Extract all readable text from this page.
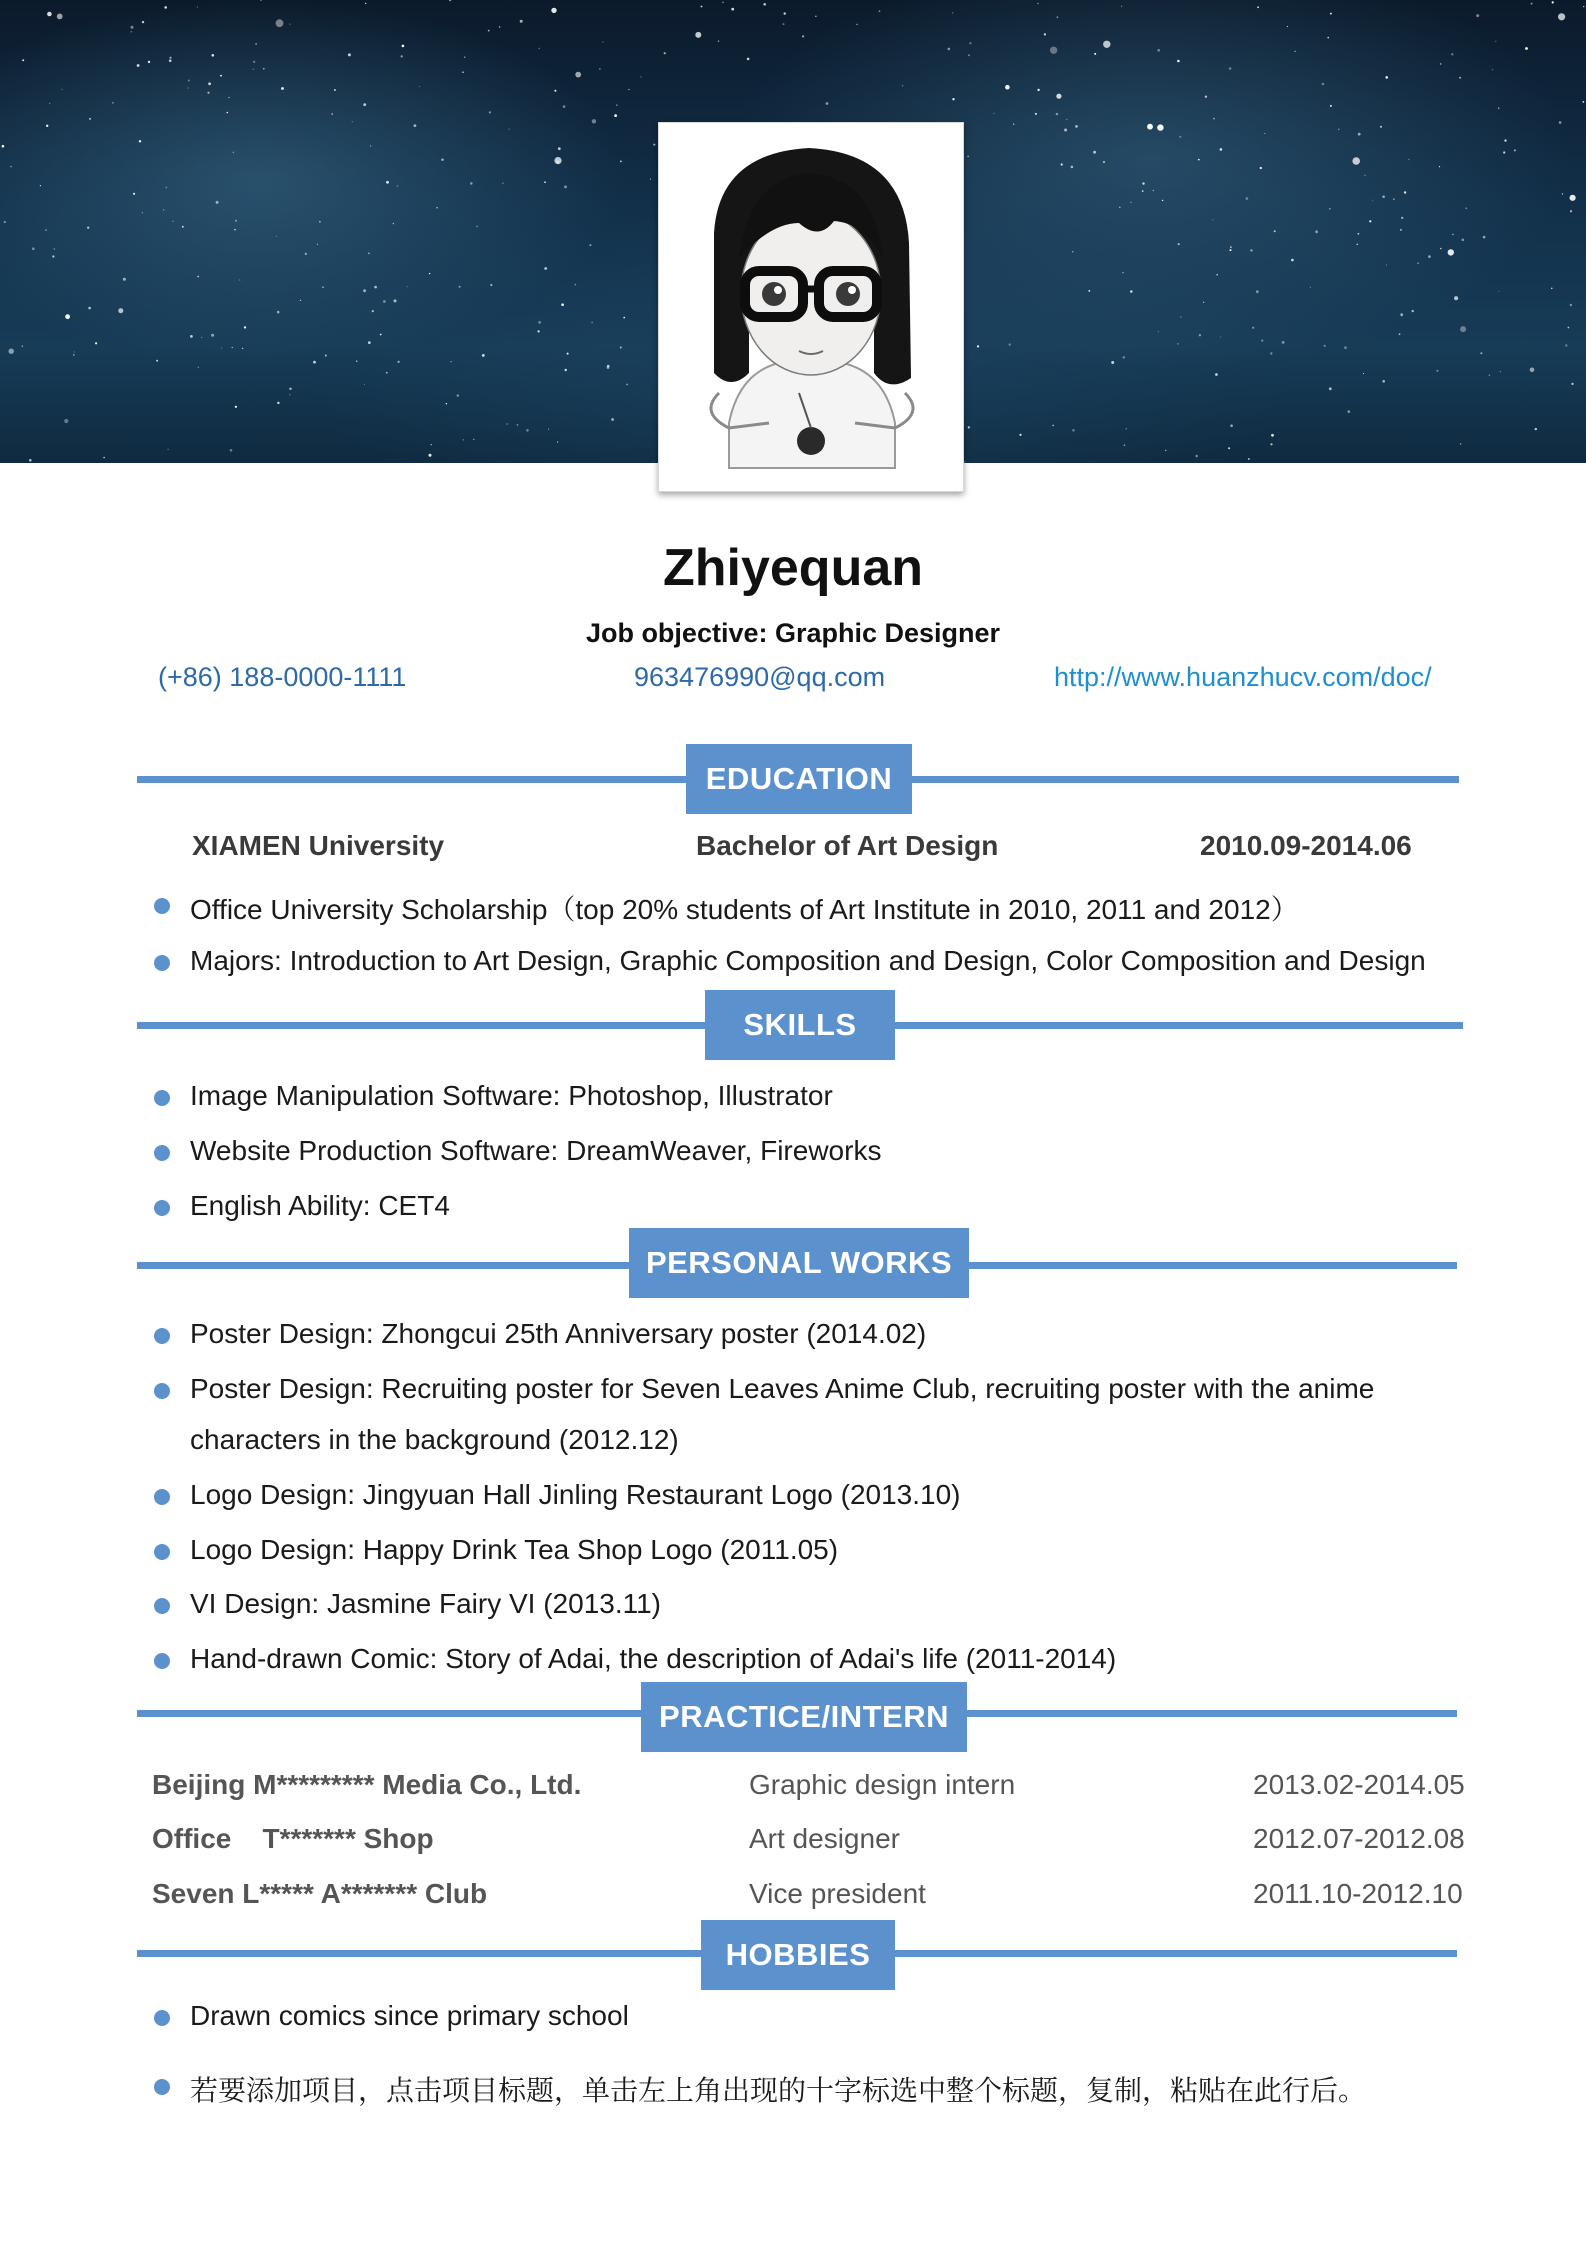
Zhiyequan
Job objective: Graphic Designer
(+86) 188-0000-1111	963476990@qq.com	http://www.huanzhucv.com/doc/
EDUCATION
XIAMEN University	Bachelor of Art Design	2010.09-2014.06
Office University Scholarship（top 20% students of Art Institute in 2010, 2011 and 2012）
Majors: Introduction to Art Design, Graphic Composition and Design, Color Composition and Design
SKILLS
Image Manipulation Software: Photoshop, Illustrator
Website Production Software: DreamWeaver, Fireworks
English Ability: CET4
PERSONAL WORKS
Poster Design: Zhongcui 25th Anniversary poster (2014.02)
Poster Design: Recruiting poster for Seven Leaves Anime Club, recruiting poster with the anime
characters in the background (2012.12)
Logo Design: Jingyuan Hall Jinling Restaurant Logo (2013.10)
Logo Design: Happy Drink Tea Shop Logo (2011.05)
VI Design: Jasmine Fairy VI (2013.11)
Hand-drawn Comic: Story of Adai, the description of Adai's life (2011-2014)
PRACTICE/INTERN
Beijing M********* Media Co., Ltd.	Graphic design intern	2013.02-2014.05
Office    T******* Shop	Art designer	2012.07-2012.08
Seven L***** A******* Club	Vice president	2011.10-2012.10
HOBBIES
Drawn comics since primary school
若要添加项目，点击项目标题，单击左上角出现的十字标选中整个标题，复制，粘贴在此行后。
